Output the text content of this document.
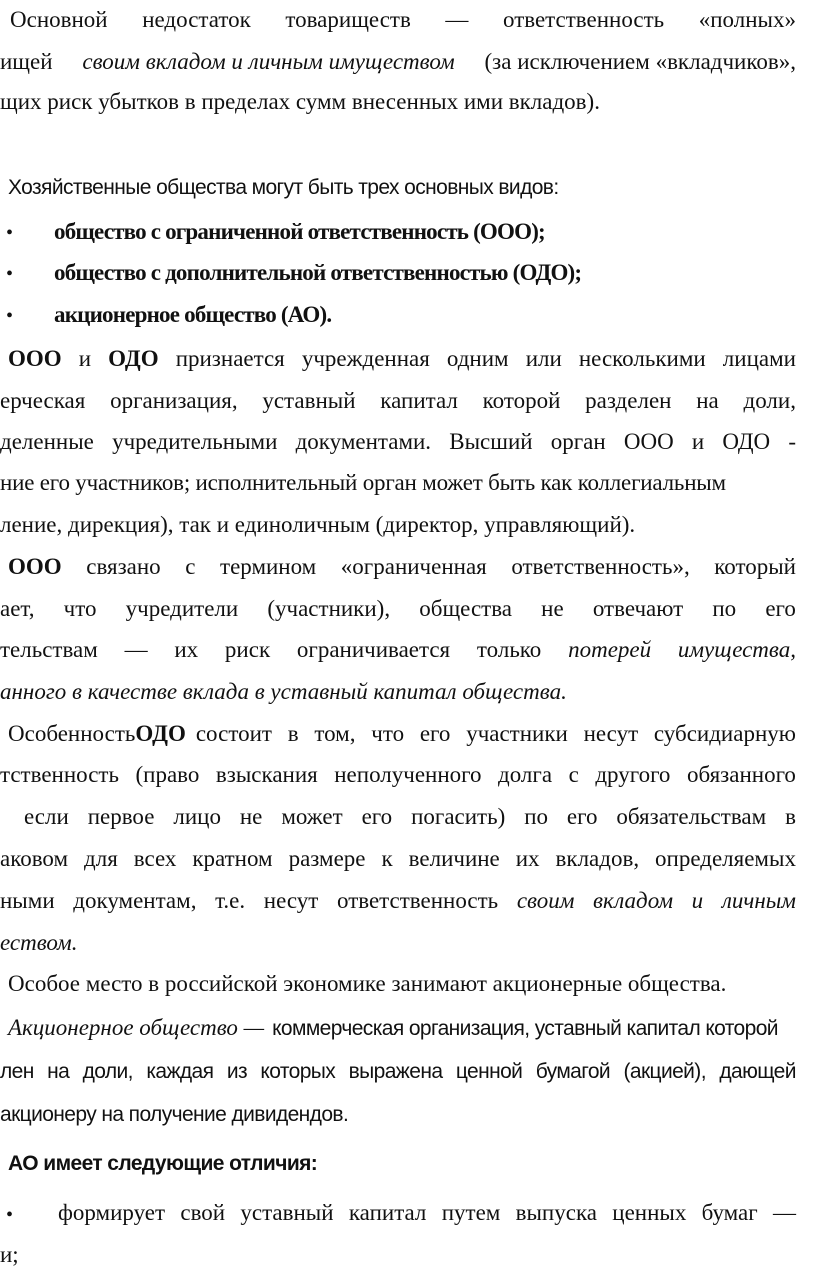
Основной недостаток товариществ — ответственность «полных»
ищей своим вкладом и личным имуществом (за исключением «вкладчиков»,
щих риск убытков в пределах сумм внесенных ими вкладов).
Хозяйственные общества могут быть трех основных видов:
• общество с ограниченной ответственность (ООО);
• общество с дополнительной ответственностью (ОДО);
• акционерное общество (АО).
ООО и ОДО признается учрежденная одним или несколькими лицами
ерческая организация, уставный капитал которой разделен на доли,
деленные учредительными документами. Высший орган ООО и ОДО -
ние его участников; исполнительный орган может быть как коллегиальным
ление, дирекция), так и единоличным (директор, управляющий).
ООО связано с термином «ограниченная ответственность», который
ает, что учредители (участники), общества не отвечают по его
тельствам — их риск ограничивается только потерей имущества,
анного в качестве вклада в уставный капитал общества.
Особенность ОДО состоит в том, что его участники несут субсидиарную
тственность (право взыскания неполученного долга с другого обязанного
если первое лицо не может его погасить) по его обязательствам в
аковом для всех кратном размере к величине их вкладов, определяемых
ными документам, т.е. несут ответственность своим вкладом и личным
еством.
Особое место в российской экономике занимают акционерные общества.
Акционерное общество — коммерческая организация, уставный капитал которой
лен на доли, каждая из которых выражена ценной бумагой (акцией), дающей
акционеру на получение дивидендов.
АО имеет следующие отличия:
• формирует свой уставный капитал путем выпуска ценных бумаг —
и;
